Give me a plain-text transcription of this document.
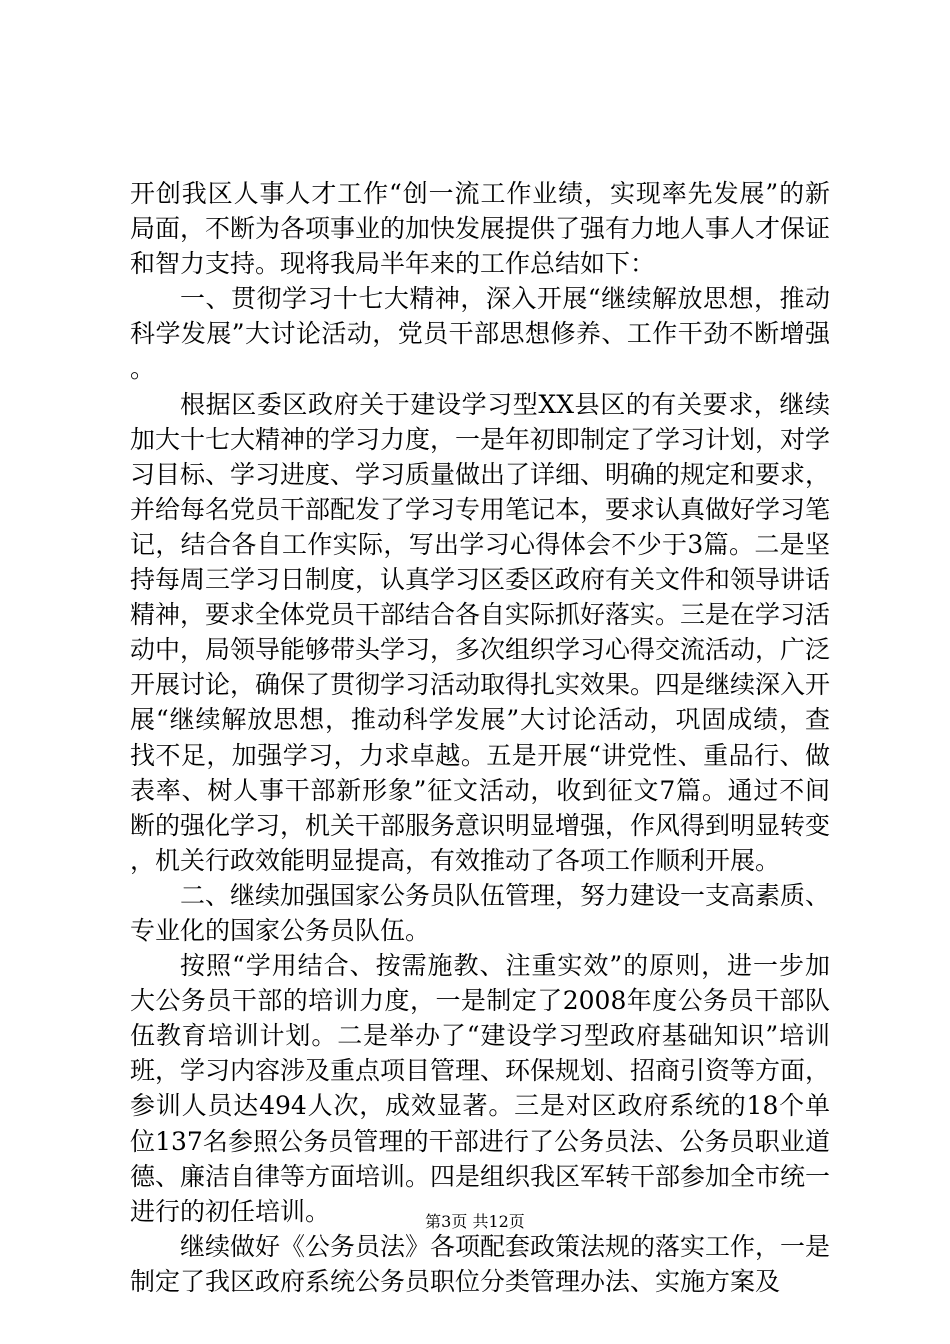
开创我区人事人才工作“创一流工作业绩，实现率先发展”的新局面，不断为各项事业的加快发展提供了强有力地人事人才保证和智力支持。现将我局半年来的工作总结如下：

一、贯彻学习十七大精神，深入开展“继续解放思想，推动科学发展”大讨论活动，党员干部思想修养、工作干劲不断增强。

根据区委区政府关于建设学习型XX县区的有关要求，继续加大十七大精神的学习力度，一是年初即制定了学习计划，对学习目标、学习进度、学习质量做出了详细、明确的规定和要求，并给每名党员干部配发了学习专用笔记本，要求认真做好学习笔记，结合各自工作实际，写出学习心得体会不少于3篇。二是坚持每周三学习日制度，认真学习区委区政府有关文件和领导讲话精神，要求全体党员干部结合各自实际抓好落实。三是在学习活动中，局领导能够带头学习，多次组织学习心得交流活动，广泛开展讨论，确保了贯彻学习活动取得扎实效果。四是继续深入开展“继续解放思想，推动科学发展”大讨论活动，巩固成绩，查找不足，加强学习，力求卓越。五是开展“讲党性、重品行、做表率、树人事干部新形象”征文活动，收到征文7篇。通过不间断的强化学习，机关干部服务意识明显增强，作风得到明显转变，机关行政效能明显提高，有效推动了各项工作顺利开展。

二、继续加强国家公务员队伍管理，努力建设一支高素质、专业化的国家公务员队伍。

按照“学用结合、按需施教、注重实效”的原则，进一步加大公务员干部的培训力度，一是制定了2008年度公务员干部队伍教育培训计划。二是举办了“建设学习型政府基础知识”培训班，学习内容涉及重点项目管理、环保规划、招商引资等方面，参训人员达494人次，成效显著。三是对区政府系统的18个单位137名参照公务员管理的干部进行了公务员法、公务员职业道德、廉洁自律等方面培训。四是组织我区军转干部参加全市统一进行的初任培训。

继续做好《公务员法》各项配套政策法规的落实工作，一是制定了我区政府系统公务员职位分类管理办法、实施方案及

第3页 共12页
